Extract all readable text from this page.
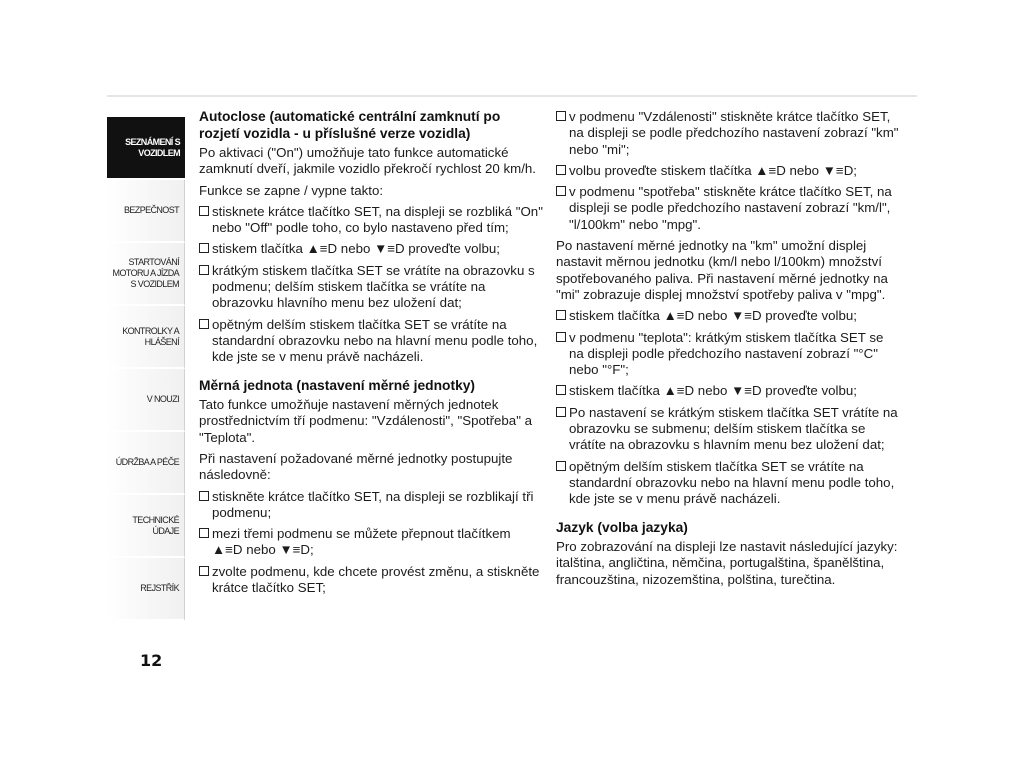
SEZNÁMENÍ S VOZIDLEM
BEZPEČNOST
STARTOVÁNÍ MOTORU A JÍZDA S VOZIDLEM
KONTROLKY A HLÁŠENÍ
V NOUZI
ÚDRŽBA A PÉČE
TECHNICKÉ ÚDAJE
REJSTŘÍK
12
Autoclose (automatické centrální zamknutí po rozjetí vozidla - u příslušné verze vozidla)

Po aktivaci ("On") umožňuje tato funkce automatické zamknutí dveří, jakmile vozidlo překročí rychlost 20 km/h.

Funkce se zapne / vypne takto:

stisknete krátce tlačítko SET, na displeji se rozbliká "On" nebo "Off" podle toho, co bylo nastaveno před tím;
stiskem tlačítka ▲≡D nebo ▼≡D proveďte volbu;
krátkým stiskem tlačítka SET se vrátíte na obrazovku s podmenu; delším stiskem tlačítka se vrátíte na obrazovku hlavního menu bez uložení dat;
opětným delším stiskem tlačítka SET se vrátíte na standardní obrazovku nebo na hlavní menu podle toho, kde jste se v menu právě nacházeli.
Měrná jednota (nastavení měrné jednotky)

Tato funkce umožňuje nastavení měrných jednotek prostřednictvím tří podmenu: "Vzdálenosti", "Spotřeba" a "Teplota".

Při nastavení požadované měrné jednotky postupujte následovně:

stiskněte krátce tlačítko SET, na displeji se rozblikají tři podmenu;
mezi třemi podmenu se můžete přepnout tlačítkem ▲≡D nebo ▼≡D;
zvolte podmenu, kde chcete provést změnu, a stiskněte krátce tlačítko SET;
v podmenu "Vzdálenosti" stiskněte krátce tlačítko SET, na displeji se podle předchozího nastavení zobrazí "km" nebo "mi";
volbu proveďte stiskem tlačítka ▲≡D nebo ▼≡D;
v podmenu "spotřeba" stiskněte krátce tlačítko SET, na displeji se podle předchozího nastavení zobrazí "km/l", "l/100km" nebo "mpg".

Po nastavení měrné jednotky na "km" umožní displej nastavit měrnou jednotku (km/l nebo l/100km) množství spotřebovaného paliva. Při nastavení měrné jednotky na "mi" zobrazuje displej množství spotřeby paliva v "mpg".

stiskem tlačítka ▲≡D nebo ▼≡D proveďte volbu;
v podmenu "teplota": krátkým stiskem tlačítka SET se na displeji podle předchozího nastavení zobrazí "°C" nebo "°F";
stiskem tlačítka ▲≡D nebo ▼≡D proveďte volbu;
Po nastavení se krátkým stiskem tlačítka SET vrátíte na obrazovku se submenu; delším stiskem tlačítka se vrátíte na obrazovku s hlavním menu bez uložení dat;
opětným delším stiskem tlačítka SET se vrátíte na standardní obrazovku nebo na hlavní menu podle toho, kde jste se v menu právě nacházeli.
Jazyk (volba jazyka)

Pro zobrazování na displeji lze nastavit následující jazyky: italština, angličtina, němčina, portugalština, španělština, francouzština, nizozemština, polština, turečtina.
